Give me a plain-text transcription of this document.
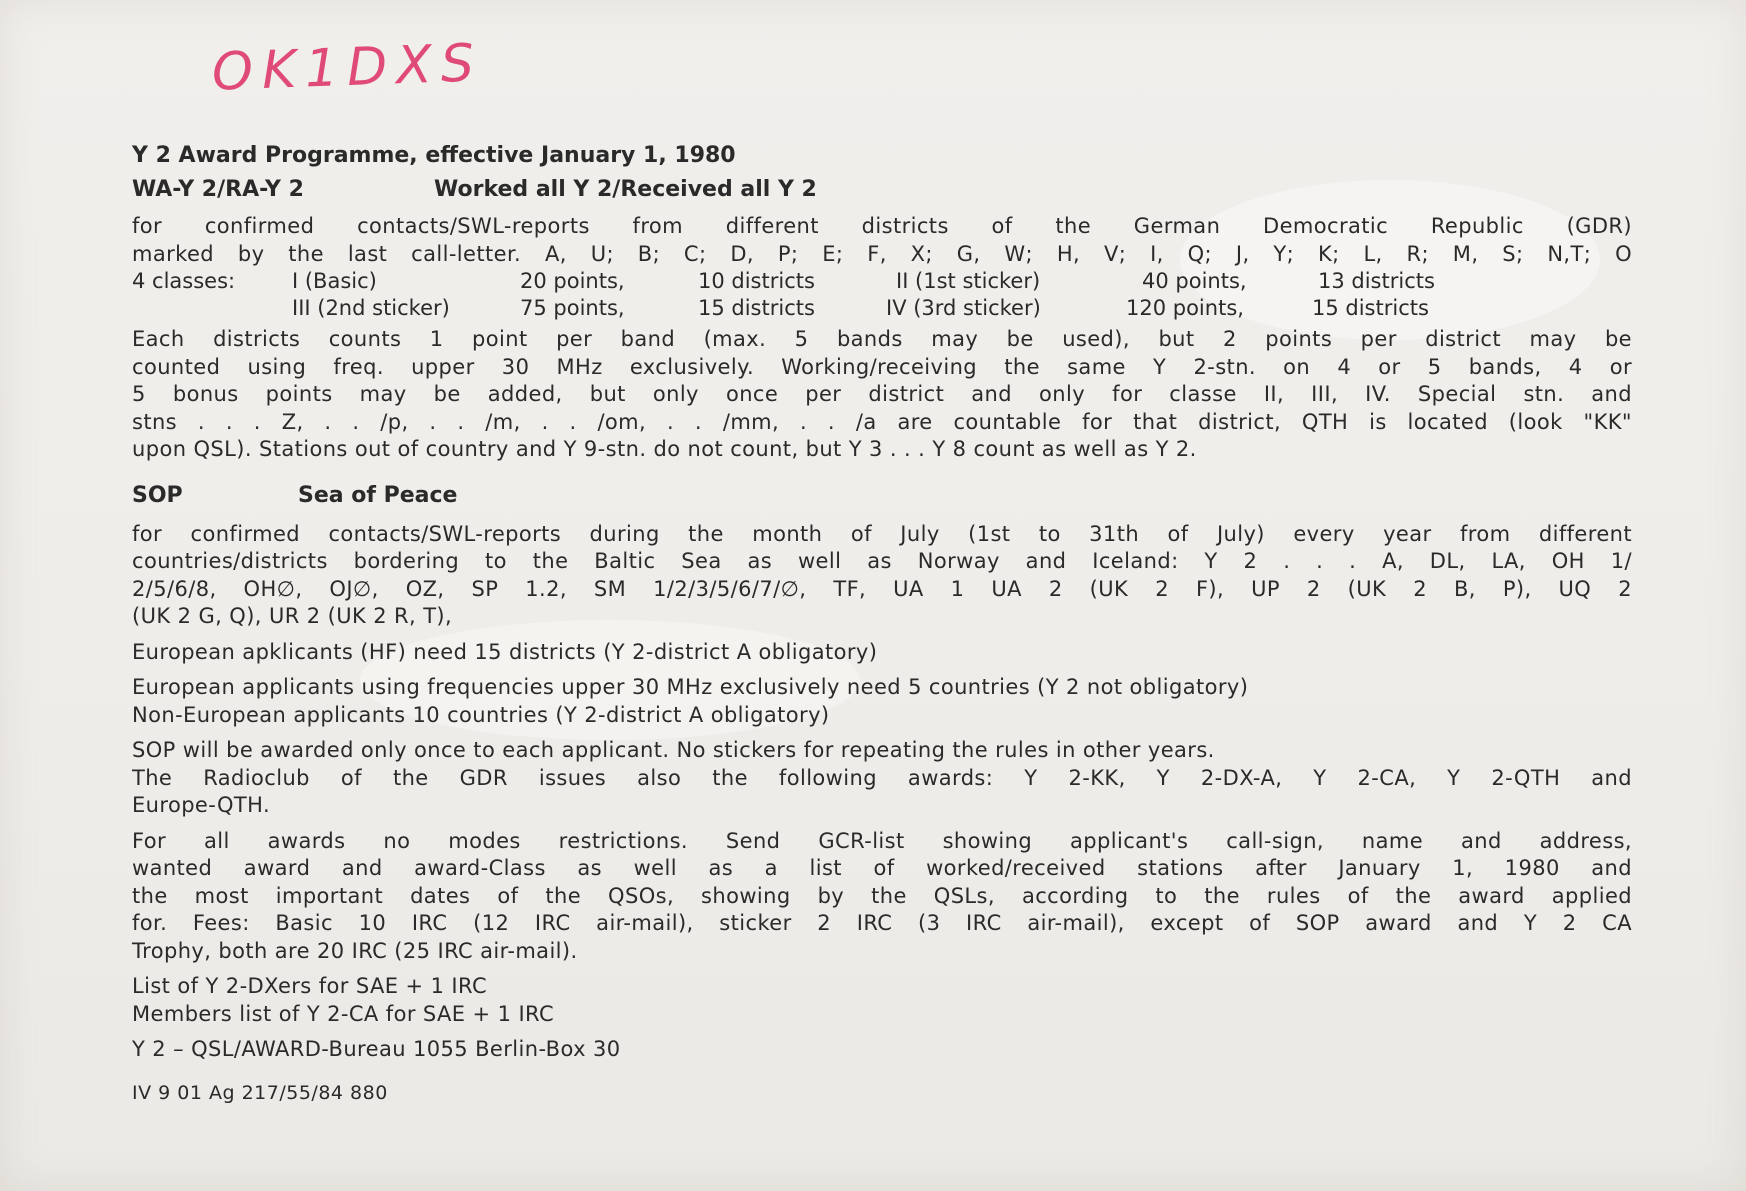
OK1DXS
Y 2 Award Programme, effective January 1, 1980
WA-Y 2/RA-Y 2	Worked all Y 2/Received all Y 2

for confirmed contacts/SWL-reports from different districts of the German Democratic Republic (GDR)
marked by the last call-letter. A, U; B; C; D, P; E; F, X; G, W; H, V; I, Q; J, Y; K; L, R; M, S; N,T; O

4 classes:	I (Basic)	20 points,	10 districts	II (1st sticker)	40 points,	13 districts
III (2nd sticker)	75 points,	15 districts	IV (3rd sticker)	120 points,	15 districts

Each districts counts 1 point per band (max. 5 bands may be used), but 2 points per district may be
counted using freq. upper 30 MHz exclusively. Working/receiving the same Y 2-stn. on 4 or 5 bands, 4 or
5 bonus points may be added, but only once per district and only for classe II, III, IV. Special stn. and
stns . . . Z, . . /p, . . /m, . . /om, . . /mm, . . /a are countable for that district, QTH is located (look "KK"
upon QSL). Stations out of country and Y 9-stn. do not count, but Y 3 . . . Y 8 count as well as Y 2.

SOP	Sea of Peace

for confirmed contacts/SWL-reports during the month of July (1st to 31th of July) every year from different
countries/districts bordering to the Baltic Sea as well as Norway and Iceland: Y 2 . . . A, DL, LA, OH 1/
2/5/6/8, OH∅, OJ∅, OZ, SP 1.2, SM 1/2/3/5/6/7/∅, TF, UA 1 UA 2 (UK 2 F), UP 2 (UK 2 B, P), UQ 2
(UK 2 G, Q), UR 2 (UK 2 R, T),

European apklicants (HF) need 15 districts (Y 2-district A obligatory)

European applicants using frequencies upper 30 MHz exclusively need 5 countries (Y 2 not obligatory)

Non-European applicants 10 countries (Y 2-district A obligatory)

SOP will be awarded only once to each applicant. No stickers for repeating the rules in other years.
The Radioclub of the GDR issues also the following awards: Y 2-KK, Y 2-DX-A, Y 2-CA, Y 2-QTH and
Europe-QTH.

For all awards no modes restrictions. Send GCR-list showing applicant's call-sign, name and address,
wanted award and award-Class as well as a list of worked/received stations after January 1, 1980 and
the most important dates of the QSOs, showing by the QSLs, according to the rules of the award applied
for. Fees: Basic 10 IRC (12 IRC air-mail), sticker 2 IRC (3 IRC air-mail), except of SOP award and Y 2 CA
Trophy, both are 20 IRC (25 IRC air-mail).

List of Y 2-DXers for SAE + 1 IRC

Members list of Y 2-CA for SAE + 1 IRC

Y 2 – QSL/AWARD-Bureau 1055 Berlin-Box 30

IV 9 01 Ag 217/55/84 880
